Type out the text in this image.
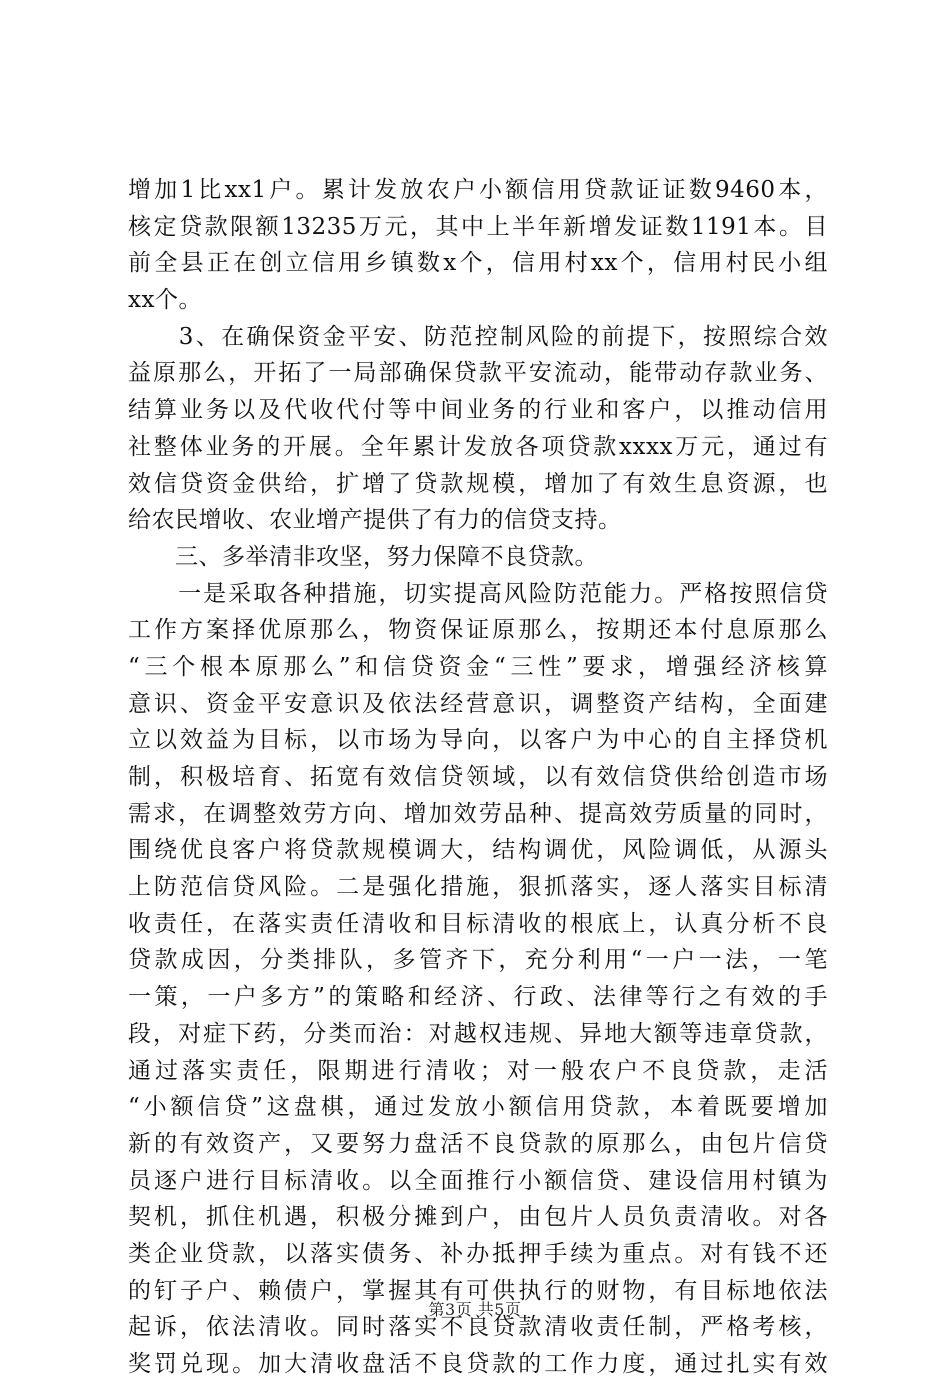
增加1比xx1户。累计发放农户小额信用贷款证证数9460本，
核定贷款限额13235万元，其中上半年新增发证数1191本。目
前全县正在创立信用乡镇数x个，信用村xx个，信用村民小组
xx个。
　　3、在确保资金平安、防范控制风险的前提下，按照综合效
益原那么，开拓了一局部确保贷款平安流动，能带动存款业务、
结算业务以及代收代付等中间业务的行业和客户，以推动信用
社整体业务的开展。全年累计发放各项贷款xxxx万元，通过有
效信贷资金供给，扩增了贷款规模，增加了有效生息资源，也
给农民增收、农业增产提供了有力的信贷支持。
　　三、多举清非攻坚，努力保障不良贷款。
　　一是采取各种措施，切实提高风险防范能力。严格按照信贷
工作方案择优原那么，物资保证原那么，按期还本付息原那么
“三个根本原那么”和信贷资金“三性”要求，增强经济核算
意识、资金平安意识及依法经营意识，调整资产结构，全面建
立以效益为目标，以市场为导向，以客户为中心的自主择贷机
制，积极培育、拓宽有效信贷领域，以有效信贷供给创造市场
需求，在调整效劳方向、增加效劳品种、提高效劳质量的同时，
围绕优良客户将贷款规模调大，结构调优，风险调低，从源头
上防范信贷风险。二是强化措施，狠抓落实，逐人落实目标清
收责任，在落实责任清收和目标清收的根底上，认真分析不良
贷款成因，分类排队，多管齐下，充分利用“一户一法，一笔
一策，一户多方”的策略和经济、行政、法律等行之有效的手
段，对症下药，分类而治：对越权违规、异地大额等违章贷款，
通过落实责任，限期进行清收；对一般农户不良贷款，走活
“小额信贷”这盘棋，通过发放小额信用贷款，本着既要增加
新的有效资产，又要努力盘活不良贷款的原那么，由包片信贷
员逐户进行目标清收。以全面推行小额信贷、建设信用村镇为
契机，抓住机遇，积极分摊到户，由包片人员负责清收。对各
类企业贷款，以落实债务、补办抵押手续为重点。对有钱不还
的钉子户、赖债户，掌握其有可供执行的财物，有目标地依法
起诉，依法清收。同时落实不良贷款清收责任制，严格考核，
奖罚兑现。加大清收盘活不良贷款的工作力度，通过扎实有效
第3页 共5页
